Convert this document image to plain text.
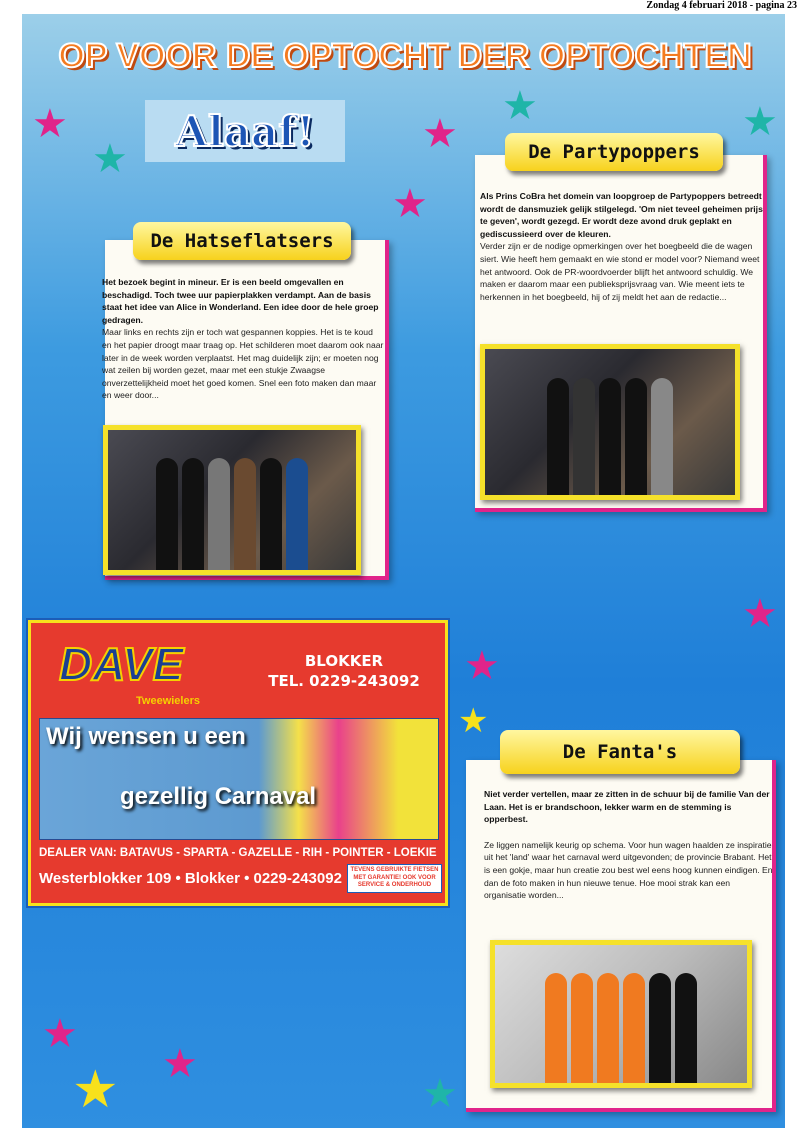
Zondag 4 februari 2018 - pagina 23
★
★
★
★	★
★
★
★
★
★
★ ★
★
OP VOOR DE OPTOCHT DER OPTOCHTEN
Alaaf!
De Hatseflatsers
Het bezoek begint in mineur. Er is een beeld omgevallen en beschadigd. Toch twee uur papierplakken verdampt. Aan de basis staat het idee van Alice in Wonderland. Een idee door de hele groep gedragen.
Maar links en rechts zijn er toch wat gespannen koppies. Het is te koud en het papier droogt maar traag op. Het schilderen moet daarom ook naar later in de week worden verplaatst. Het mag duidelijk zijn; er moeten nog wat zeilen bij worden gezet, maar met een stukje Zwaagse onverzettelijkheid moet het goed komen. Snel een foto maken dan maar en weer door...
De Partypoppers
Als Prins CoBra het domein van loopgroep de Partypoppers betreedt wordt de dansmuziek gelijk stilgelegd. 'Om niet teveel geheimen prijs te geven', wordt gezegd. Er wordt deze avond druk geplakt en gediscussieerd over de kleuren.
Verder zijn er de nodige opmerkingen over het boegbeeld die de wagen siert. Wie heeft hem gemaakt en wie stond er model voor? Niemand weet het antwoord. Ook de PR-woordvoerder blijft het antwoord schuldig. We maken er daarom maar een publieksprijsvraag van. Wie meent iets te herkennen in het boegbeeld, hij of zij meldt het aan de redactie...
De Fanta's
Niet verder vertellen, maar ze zitten in de schuur bij de familie Van der Laan. Het is er brandschoon, lekker warm en de stemming is opperbest.
Ze liggen namelijk keurig op schema. Voor hun wagen haalden ze inspiratie uit het 'land' waar het carnaval werd uitgevonden; de provincie Brabant. Het is een gokje, maar hun creatie zou best wel eens hoog kunnen eindigen. En dan de foto maken in hun nieuwe tenue. Hoe mooi strak kan een organisatie worden...
DAVE
Tweewielers
BLOKKER
TEL. 0229-243092
Wij wensen u een
gezellig Carnaval
DEALER VAN: BATAVUS - SPARTA - GAZELLE - RIH - POINTER - LOEKIE
Westerblokker 109 • Blokker • 0229-243092	TEVENS GEBRUIKTE FIETSEN MET GARANTIE! OOK VOOR SERVICE & ONDERHOUD
